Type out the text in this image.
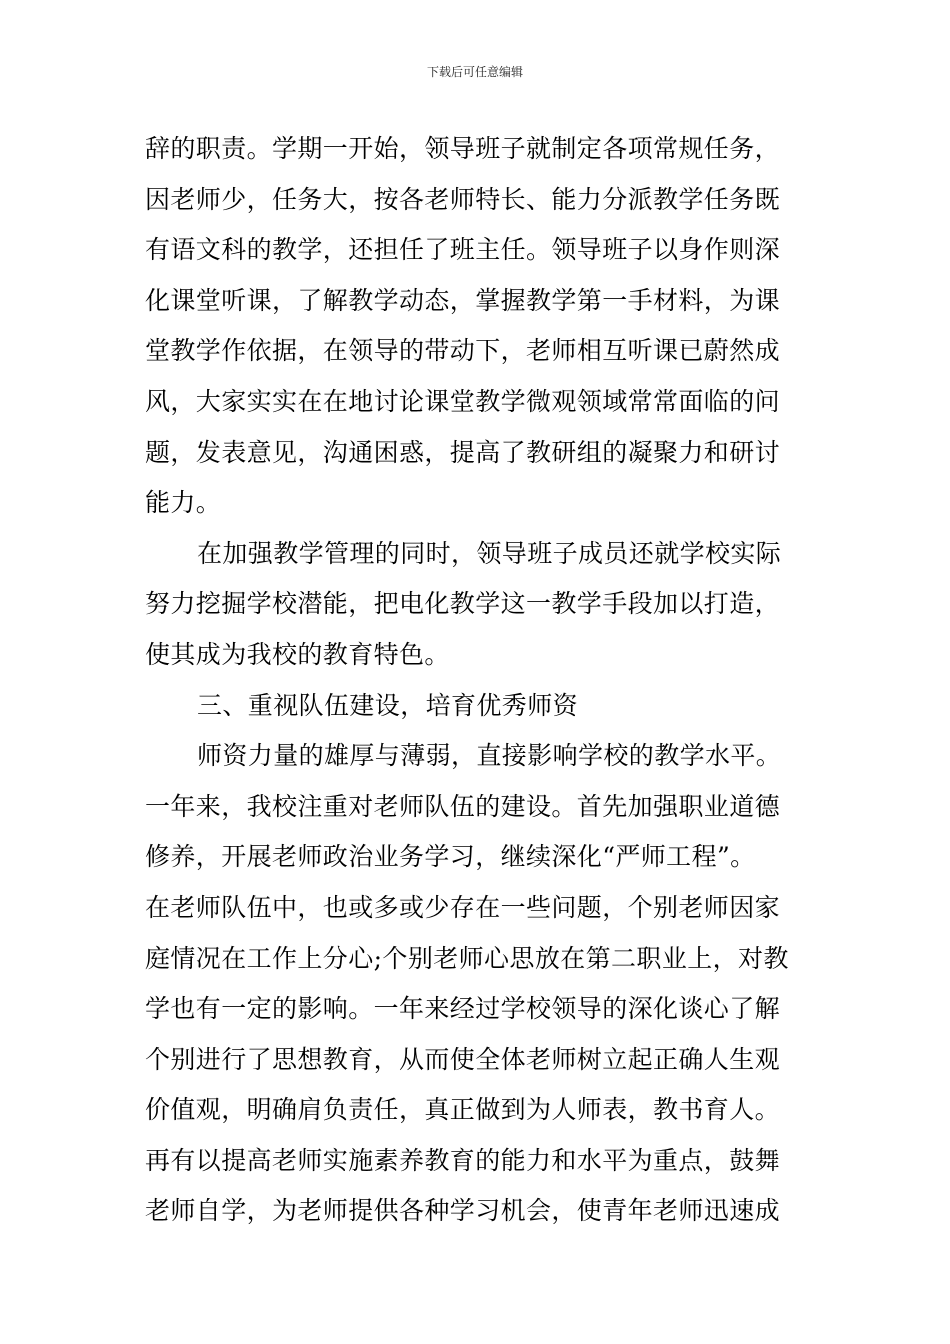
下载后可任意编辑
辞的职责。学期一开始，领导班子就制定各项常规任务，
因老师少，任务大，按各老师特长、能力分派教学任务既
有语文科的教学，还担任了班主任。领导班子以身作则深
化课堂听课，了解教学动态，掌握教学第一手材料，为课
堂教学作依据，在领导的带动下，老师相互听课已蔚然成
风，大家实实在在地讨论课堂教学微观领域常常面临的问
题，发表意见，沟通困惑，提高了教研组的凝聚力和研讨
能力。
在加强教学管理的同时，领导班子成员还就学校实际
努力挖掘学校潜能，把电化教学这一教学手段加以打造，
使其成为我校的教育特色。
三、重视队伍建设，培育优秀师资
师资力量的雄厚与薄弱，直接影响学校的教学水平。
一年来，我校注重对老师队伍的建设。首先加强职业道德
修养，开展老师政治业务学习，继续深化“严师工程”。
在老师队伍中，也或多或少存在一些问题，个别老师因家
庭情况在工作上分心;个别老师心思放在第二职业上，对教
学也有一定的影响。一年来经过学校领导的深化谈心了解
个别进行了思想教育，从而使全体老师树立起正确人生观
价值观，明确肩负责任，真正做到为人师表，教书育人。
再有以提高老师实施素养教育的能力和水平为重点，鼓舞
老师自学，为老师提供各种学习机会，使青年老师迅速成
